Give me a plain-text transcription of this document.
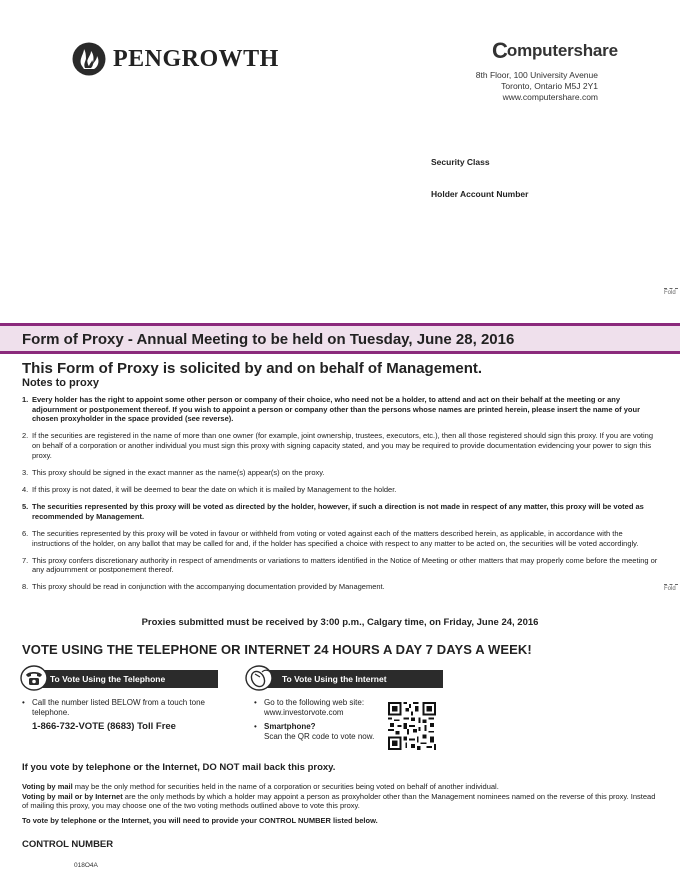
PENGROWTH	C omputershare
8th Floor, 100 University Avenue
Toronto, Ontario M5J 2Y1
www.computershare.com
Security Class
Holder Account Number
Fold
Fold
Form of Proxy - Annual Meeting to be held on Tuesday, June 28, 2016
This Form of Proxy is solicited by and on behalf of Management.
Notes to proxy
1. Every holder has the right to appoint some other person or company of their choice, who need not be a holder, to attend and act on their behalf at the meeting or any adjournment or postponement thereof. If you wish to appoint a person or company other than the persons whose names are printed herein, please insert the name of your chosen proxyholder in the space provided (see reverse).
2. If the securities are registered in the name of more than one owner (for example, joint ownership, trustees, executors, etc.), then all those registered should sign this proxy. If you are voting on behalf of a corporation or another individual you must sign this proxy with signing capacity stated, and you may be required to provide documentation evidencing your power to sign this proxy.
3. This proxy should be signed in the exact manner as the name(s) appear(s) on the proxy.
4. If this proxy is not dated, it will be deemed to bear the date on which it is mailed by Management to the holder.
5. The securities represented by this proxy will be voted as directed by the holder, however, if such a direction is not made in respect of any matter, this proxy will be voted as recommended by Management.
6. The securities represented by this proxy will be voted in favour or withheld from voting or voted against each of the matters described herein, as applicable, in accordance with the instructions of the holder, on any ballot that may be called for and, if the holder has specified a choice with respect to any matter to be acted on, the securities will be voted accordingly.
7. This proxy confers discretionary authority in respect of amendments or variations to matters identified in the Notice of Meeting or other matters that may properly come before the meeting or any adjournment or postponement thereof.
8. This proxy should be read in conjunction with the accompanying documentation provided by Management.
Proxies submitted must be received by 3:00 p.m., Calgary time, on Friday, June 24, 2016
VOTE USING THE TELEPHONE OR INTERNET 24 HOURS A DAY 7 DAYS A WEEK!
To Vote Using the Telephone	To Vote Using the Internet
• Call the number listed BELOW from a touch tone telephone.
1-866-732-VOTE (8683) Toll Free
• Go to the following web site: www.investorvote.com
• Smartphone?
Scan the QR code to vote now.
If you vote by telephone or the Internet, DO NOT mail back this proxy.
Voting by mail may be the only method for securities held in the name of a corporation or securities being voted on behalf of another individual.
Voting by mail or by Internet are the only methods by which a holder may appoint a person as proxyholder other than the Management nominees named on the reverse of this proxy. Instead of mailing this proxy, you may choose one of the two voting methods outlined above to vote this proxy.
To vote by telephone or the Internet, you will need to provide your CONTROL NUMBER listed below.
CONTROL NUMBER
018O4A
